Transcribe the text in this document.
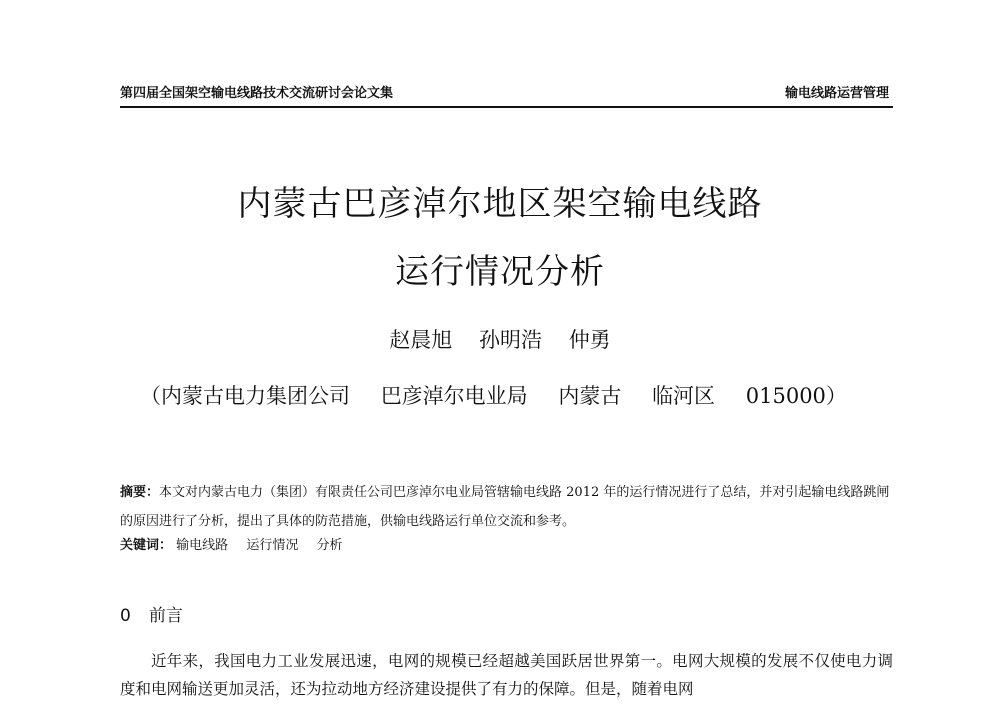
第四届全国架空输电线路技术交流研讨会论文集	输电线路运营管理
内蒙古巴彦淖尔地区架空输电线路
运行情况分析
赵晨旭 孙明浩 仲勇
（内蒙古电力集团公司 巴彦淖尔电业局 内蒙古 临河区 015000）
摘要：本文对内蒙古电力（集团）有限责任公司巴彦淖尔电业局管辖输电线路 2012 年的运行情况进行了总结，并对引起输电线路跳闸的原因进行了分析，提出了具体的防范措施，供输电线路运行单位交流和参考。
关键词： 输电线路 运行情况 分析
0 前言
近年来，我国电力工业发展迅速，电网的规模已经超越美国跃居世界第一。电网大规模的发展不仅使电力调度和电网输送更加灵活，还为拉动地方经济建设提供了有力的保障。但是，随着电网
